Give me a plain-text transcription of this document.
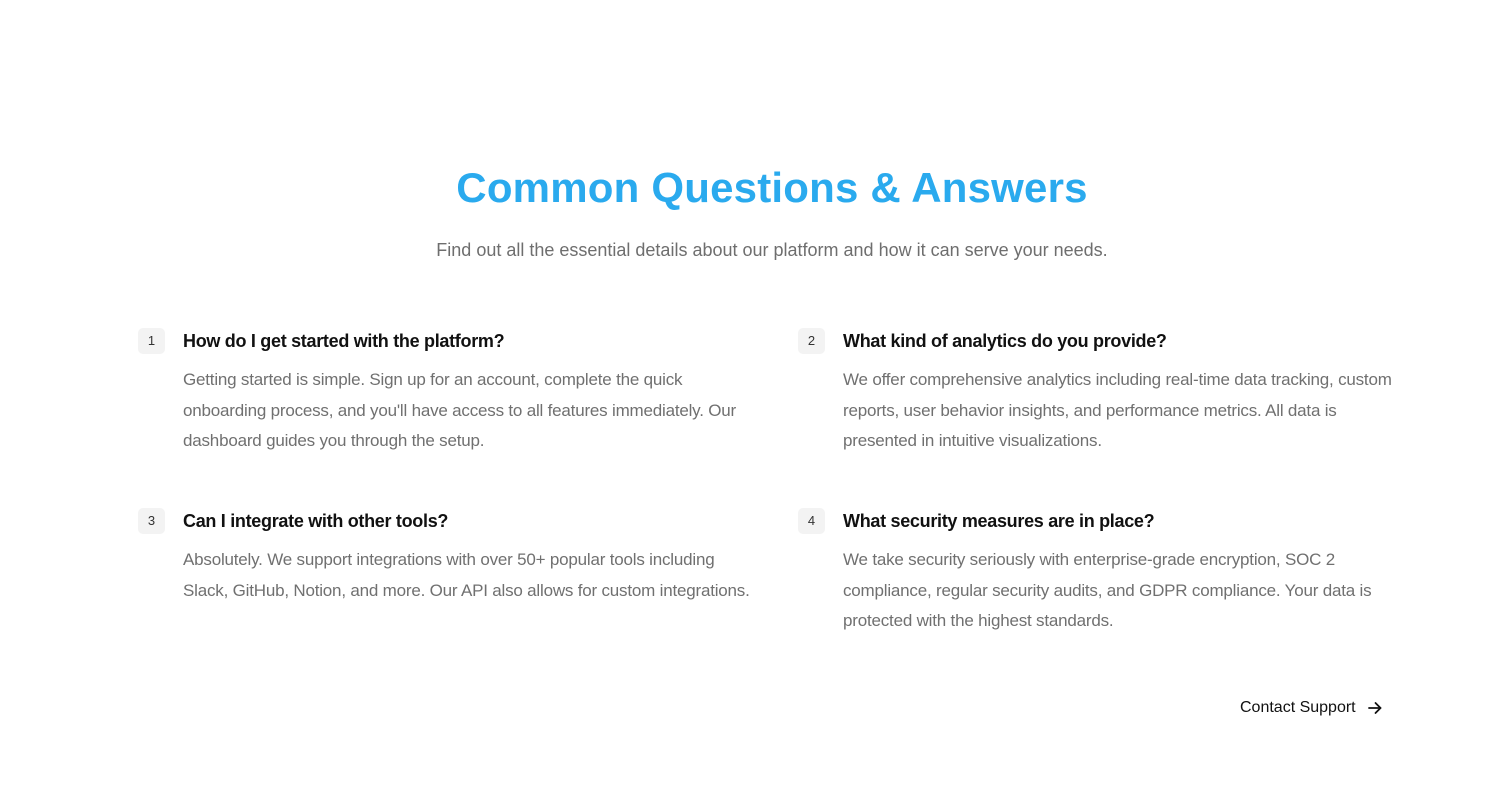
Common Questions & Answers

Find out all the essential details about our platform and how it can serve your needs.

1	How do I get started with the platform?

Getting started is simple. Sign up for an account, complete the quick onboarding process, and you'll have access to all features immediately. Our dashboard guides you through the setup.

2	What kind of analytics do you provide?

We offer comprehensive analytics including real-time data tracking, custom reports, user behavior insights, and performance metrics. All data is presented in intuitive visualizations.

3	Can I integrate with other tools?

Absolutely. We support integrations with over 50+ popular tools including Slack, GitHub, Notion, and more. Our API also allows for custom integrations.

4	What security measures are in place?

We take security seriously with enterprise-grade encryption, SOC 2 compliance, regular security audits, and GDPR compliance. Your data is protected with the highest standards.

Contact Support
